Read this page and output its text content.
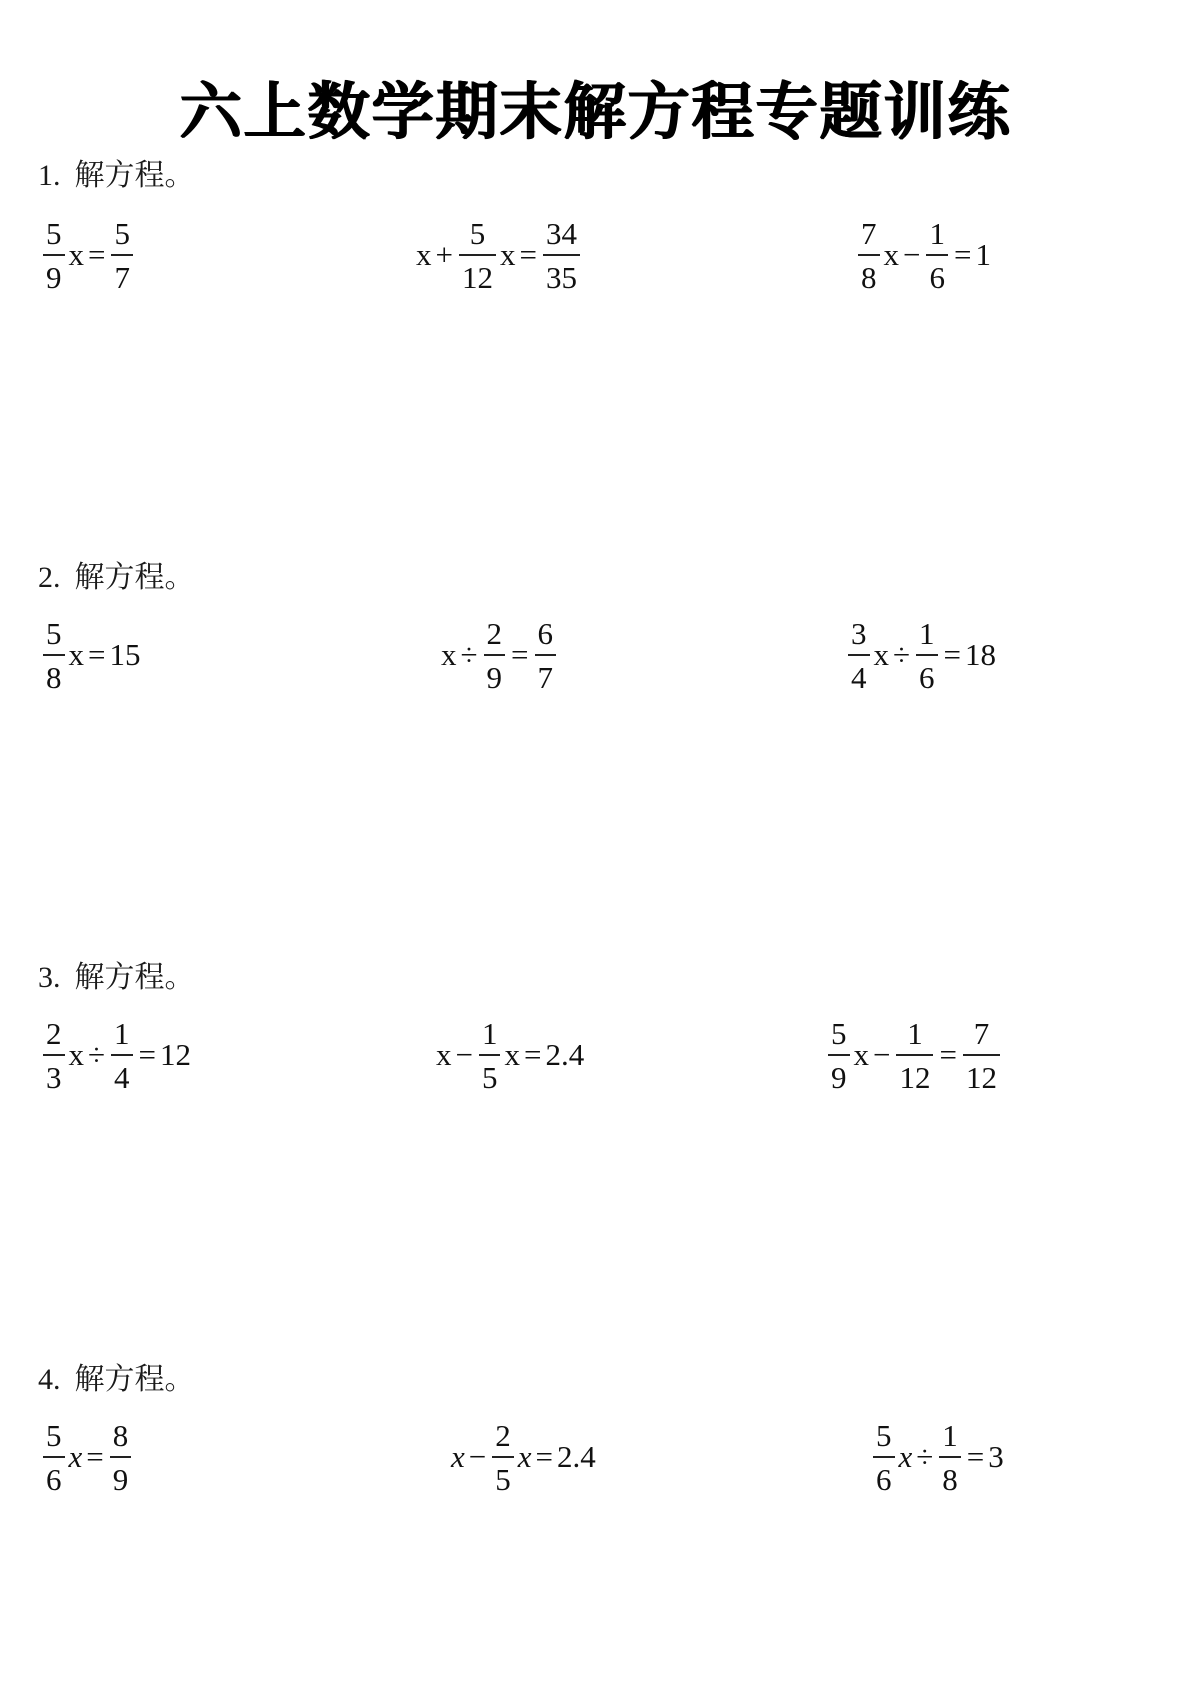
六上数学期末解方程专题训练
1. 解方程。
$\frac{5}{9}$ $x = \frac{5}{7}$	$x + \frac{5}{12}$ $x = \frac{34}{35}$	$\frac{7}{8}$ $x - \frac{1}{6} = 1$
2. 解方程。
$\frac{5}{8}$ x = 15	$x \div \frac{2}{9} = \frac{6}{7}$	$\frac{3}{4}$ $x \div \frac{1}{6} = 18$
3. 解方程。
$\frac{2}{3}$ $x \div \frac{1}{4} = 12$	$x - \frac{1}{5}$ x = 2.4	$\frac{5}{9}$ $x - \frac{1}{12} = \frac{7}{12}$
4. 解方程。
$\frac{5}{6}$ $x = \frac{8}{9}$	$x - \frac{2}{5}$ x = 2.4	$\frac{5}{6}$ $x \div \frac{1}{8} = 3$
